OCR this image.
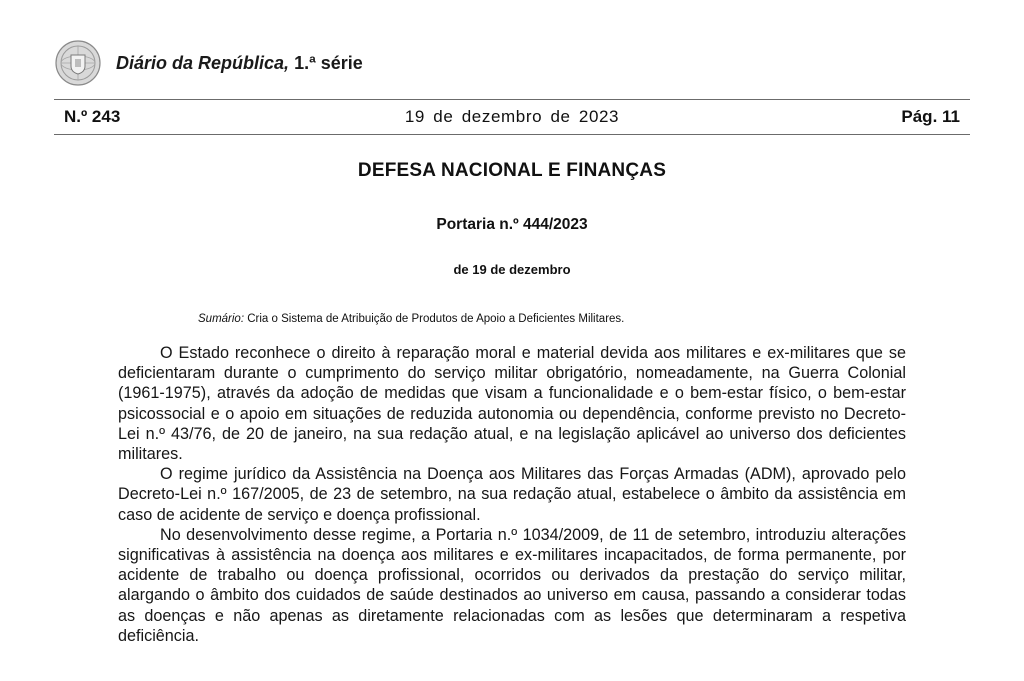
Diário da República, 1.ª série
N.º 243	19 de dezembro de 2023	Pág. 11
DEFESA NACIONAL E FINANÇAS
Portaria n.º 444/2023
de 19 de dezembro
Sumário: Cria o Sistema de Atribuição de Produtos de Apoio a Deficientes Militares.

O Estado reconhece o direito à reparação moral e material devida aos militares e ex-militares que se deficientaram durante o cumprimento do serviço militar obrigatório, nomeadamente, na Guerra Colonial (1961-1975), através da adoção de medidas que visam a funcionalidade e o bem-estar físico, o bem-estar psicossocial e o apoio em situações de reduzida autonomia ou dependência, conforme previsto no Decreto-Lei n.º 43/76, de 20 de janeiro, na sua redação atual, e na legislação aplicável ao universo dos deficientes militares.

O regime jurídico da Assistência na Doença aos Militares das Forças Armadas (ADM), aprovado pelo Decreto-Lei n.º 167/2005, de 23 de setembro, na sua redação atual, estabelece o âmbito da assistência em caso de acidente de serviço e doença profissional.

No desenvolvimento desse regime, a Portaria n.º 1034/2009, de 11 de setembro, introduziu alterações significativas à assistência na doença aos militares e ex-militares incapacitados, de forma permanente, por acidente de trabalho ou doença profissional, ocorridos ou derivados da prestação do serviço militar, alargando o âmbito dos cuidados de saúde destinados ao universo em causa, passando a considerar todas as doenças e não apenas as diretamente relacionadas com as lesões que determinaram a respetiva deficiência.
